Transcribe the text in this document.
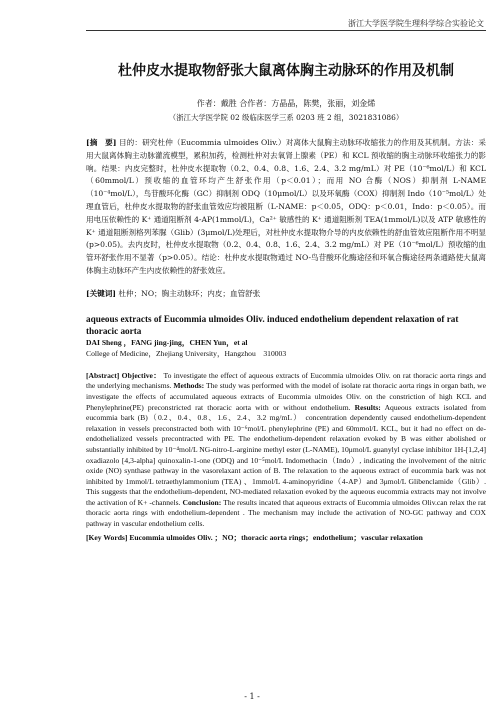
浙江大学医学院生理科学综合实验论文
杜仲皮水提取物舒张大鼠离体胸主动脉环的作用及机制
作者：戴胜 合作者：方晶晶，陈樊，张丽，刘金烯
（浙江大学医学院 02 级临床医学三系 0203 班 2 组，3021831086）
[摘　要] 目的：研究杜仲（Eucommia ulmoides Oliv.）对离体大鼠胸主动脉环收缩张力的作用及其机制。方法：采用大鼠离体胸主动脉灌流模型，累积加药，检测杜仲对去氧肾上腺素（PE）和 KCL 预收缩的胸主动脉环收缩张力的影响。结果：内皮完整时，杜仲皮水提取物（0.2、0.4、0.8、1.6、2.4、3.2 mg/mL）对 PE（10⁻⁶mol/L）和 KCL（60mmol/L）预收缩的血管环均产生舒张作用（p＜0.01）；而用 NO 合酶（NOS）抑制剂 L-NAME（10⁻⁴mol/L），鸟苷酸环化酶（GC）抑制剂 ODQ（10μmol/L）以及环氧酶（COX）抑制剂 Indo（10⁻⁵mol/L）处理血管后，杜仲皮水提取物的舒张血管效应均被阻断（L-NAME：p＜0.05，ODQ：p＜0.01，Indo：p＜0.05）。而用电压依赖性的 K⁺ 通道阻断剂 4-AP(1mmol/L)，Ca²⁺ 敏感性的 K⁺ 通道阻断剂 TEA(1mmol/L)以及 ATP 敏感性的 K⁺ 通道阻断剂格列苯脲（Glib）(3μmol/L)处理后，对杜仲皮水提取物介导的内皮依赖性的舒血管效应阻断作用不明显(p>0.05)。去内皮时，杜仲皮水提取物（0.2、0.4、0.8、1.6、2.4、3.2 mg/mL）对 PE（10⁻⁶mol/L）预收缩的血管环舒张作用不显著（p>0.05）。结论：杜仲皮水提取物通过 NO-鸟苷酸环化酶途径和环氧合酶途径两条通路使大鼠离体胸主动脉环产生内皮依赖性的舒张效应。
[关键词] 杜仲；NO；胸主动脉环；内皮；血管舒张
aqueous extracts of Eucommia ulmoides Oliv. induced endothelium dependent relaxation of rat thoracic aorta
DAI Sheng ，FANG jing-jing，CHEN Yun，et al
College of Medicine，Zhejiang University，Hangzhou　310003
[Abstract] Objective： To investigate the effect of aqueous extracts of Eucommia ulmoides Oliv. on rat thoracic aorta rings and the underlying mechanisms. Methods: The study was performed with the model of isolate rat thoracic aorta rings in organ bath, we investigate the effects of accumulated aqueous extracts of Eucommia ulmoides Oliv. on the constriction of high KCL and Phenylephrine(PE) preconstricted rat thoracic aorta with or without endothelium. Results: Aqueous extracts isolated from eucommia bark (B)（0.2、0.4、0.8、1.6、2.4、3.2 mg/mL） concentration dependently caused endothelium-dependent relaxation in vessels preconstracted both with 10⁻⁶mol/L phenylephrine (PE) and 60mmol/L KCL, but it had no effect on de-endothelialized vessels precontracted with PE. The endothelium-dependent relaxation evoked by B was either abolished or substantially inhibited by 10⁻⁴mol/L NG-nitro-L-arginine methyl ester (L-NAME), 10μmol/L guanylyl cyclase inhibitor 1H-[1,2,4] oxadiazolo [4,3-alpha] quinoxalin-1-one (ODQ) and 10⁻⁵mol/L Indomethacin（Indo）, indicating the involvement of the nitric oxide (NO) synthase pathway in the vasorelaxant action of B. The relaxation to the aqueous extract of eucommia bark was not inhibited by 1mmol/L tetraethylammonium (TEA) 、1mmol/L 4-aminopyridine（4-AP）and 3μmol/L Glibenclamide（Glib）. This suggests that the endothelium-dependent, NO-mediated relaxation evoked by the aqueous eucommia extracts may not involve the activation of K+ -channels. Conclusion: The results incated that aqueous extracts of Eucommia ulmoides Oliv.can relax the rat thoracic aorta rings with endothelium-dependent . The mechanism may include the activation of NO-GC pathway and COX pathway in vascular endothelium cells.
[Key Words] Eucommia ulmoides Oliv. ；NO；thoracic aorta rings；endothelium；vascular relaxation
- 1 -
